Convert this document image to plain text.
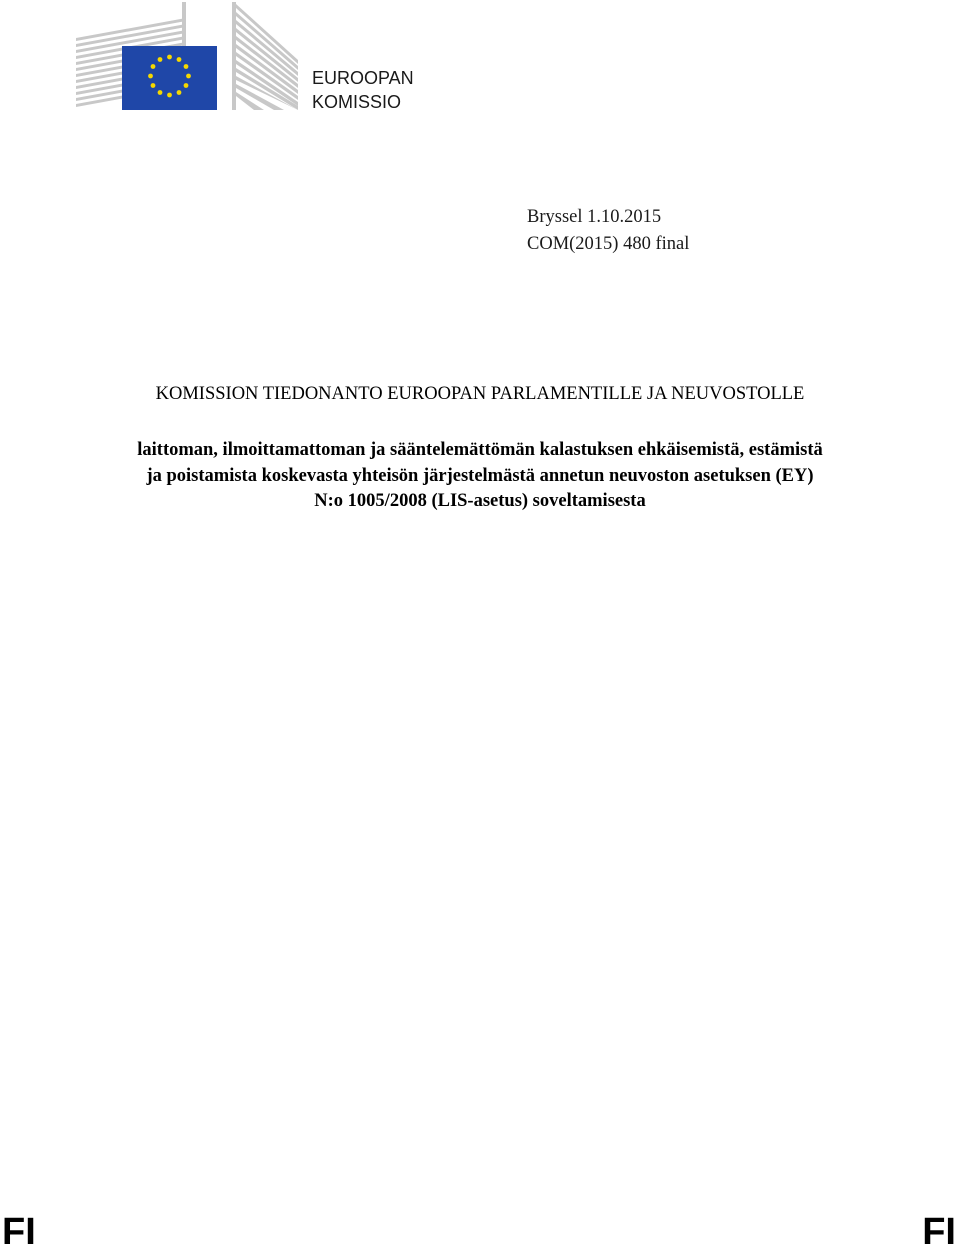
EUROOPAN
KOMISSIO
Bryssel 1.10.2015
COM(2015) 480 final
KOMISSION TIEDONANTO EUROOPAN PARLAMENTILLE JA NEUVOSTOLLE
laittoman, ilmoittamattoman ja sääntelemättömän kalastuksen ehkäisemistä, estämistä
ja poistamista koskevasta yhteisön järjestelmästä annetun neuvoston asetuksen (EY)
N:o 1005/2008 (LIS-asetus) soveltamisesta
FI	FI
